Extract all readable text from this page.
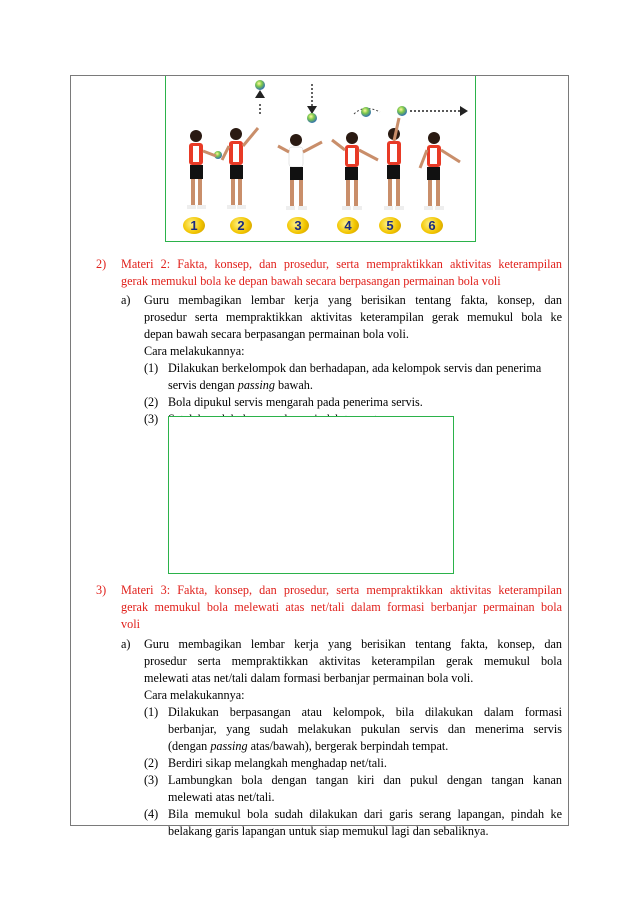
1	2	3	4	5	6
2) Materi 2: Fakta, konsep, dan prosedur, serta mempraktikkan aktivitas keterampilan
gerak memukul bola ke depan bawah secara berpasangan permainan bola voli
a) Guru membagikan lembar kerja yang berisikan tentang fakta, konsep, dan
prosedur serta mempraktikkan aktivitas keterampilan gerak memukul bola ke
depan bawah secara berpasangan permainan bola voli.
Cara melakukannya:
(1) Dilakukan berkelompok dan berhadapan, ada kelompok servis dan penerima
servis dengan passing bawah.
(2) Bola dipukul servis mengarah pada penerima servis.
(3)
3) Materi 3: Fakta, konsep, dan prosedur, serta mempraktikkan aktivitas keterampilan
gerak memukul bola melewati atas net/tali dalam formasi berbanjar permainan bola
voli
a) Guru membagikan lembar kerja yang berisikan tentang fakta, konsep, dan
prosedur serta mempraktikkan aktivitas keterampilan gerak memukul bola
melewati atas net/tali dalam formasi berbanjar permainan bola voli.
Cara melakukannya:
(1) Dilakukan berpasangan atau kelompok, bila dilakukan dalam formasi
berbanjar, yang sudah melakukan pukulan servis dan menerima servis
(dengan passing atas/bawah), bergerak berpindah tempat.
(2) Berdiri sikap melangkah menghadap net/tali.
(3) Lambungkan bola dengan tangan kiri dan pukul dengan tangan kanan
melewati atas net/tali.
(4) Bila memukul bola sudah dilakukan dari garis serang lapangan, pindah ke
belakang garis lapangan untuk siap memukul lagi dan sebaliknya.
